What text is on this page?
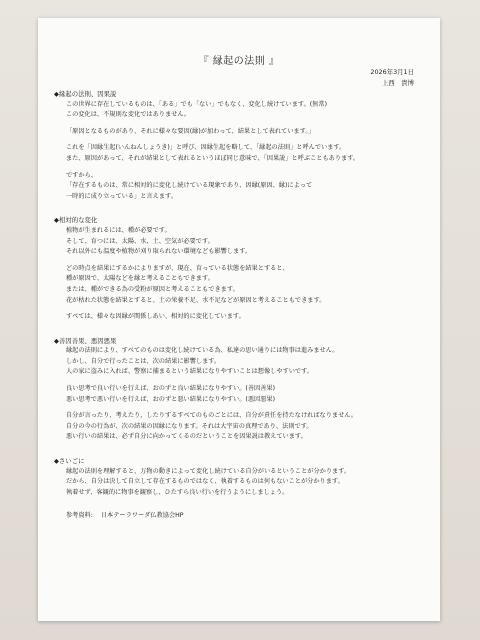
『 縁起の法則 』
2026年3月1日
上西　貴博
◆縁起の法則、因果説
この世界に存在しているものは、「ある」でも「ない」でもなく、変化し続けています。(無常)
この変化は、不規則な変化ではありません。
「原因となるものがあり、それに様々な要因(縁)が加わって、結果として表れています。」
これを「因縁生起(いんねんしょうき)」と呼び、因縁生起を略して、「縁起の法則」と呼んでいます。
また、原因があって、それが結果として表れるというほぼ同じ意味で、「因果説」と呼ぶこともあります。
ですから、
「存在するものは、常に相対的に変化し続けている現象であり、因縁(原因、縁)によって
一時的に成り立っている」と言えます。
◆相対的な変化
植物が生まれるには、種が必要です。
そして、育つには、太陽、水、土、空気が必要です。
それ以外にも温度や植物が刈り取られない環境なども影響します。
どの時点を結果にするかによりますが、現在、育っている状態を結果とすると、
種が原因で、太陽などを縁と考えることもできます。
または、種ができる為の受粉が原因と考えることもできます。
花が枯れた状態を結果とすると、土の栄養不足、水不足などが原因と考えることもできます。
すべては、様々な因縁が関係しあい、相対的に変化しています。
◆善因善果、悪因悪果
縁起の法則により、すべてのものは変化し続けている為、私達の思い通りには物事は進みません。
しかし、自分で行ったことは、次の結果に影響します。
人の家に盗みに入れば、警察に捕まるという結果になりやすいことは想像しやすいです。
良い思考で良い行いを行えば、おのずと良い結果になりやすい。(善因善果)
悪い思考で悪い行いを行えば、おのずと悪い結果になりやすい。(悪因悪果)
自分が言ったり、考えたり、したりするすべてのものごとには、自分が責任を持たなければなりません。
自分の今の行為が、次の結果の因縁になります。それは大宇宙の真理であり、法則です。
悪い行いの結果は、必ず自分に向かってくるのだということを因果説は教えています。
◆さいごに
縁起の法則を理解すると、万物の動きによって変化し続けている自分がいるということが分かります。
だから、自分は決して自立して存在するものではなく、執着するものは何もないことが分かります。
執着せず、客観的に物事を観察し、ひたすら良い行いを行うようにしましょう。
参考資料: 日本テーラワーダ仏教協会HP
